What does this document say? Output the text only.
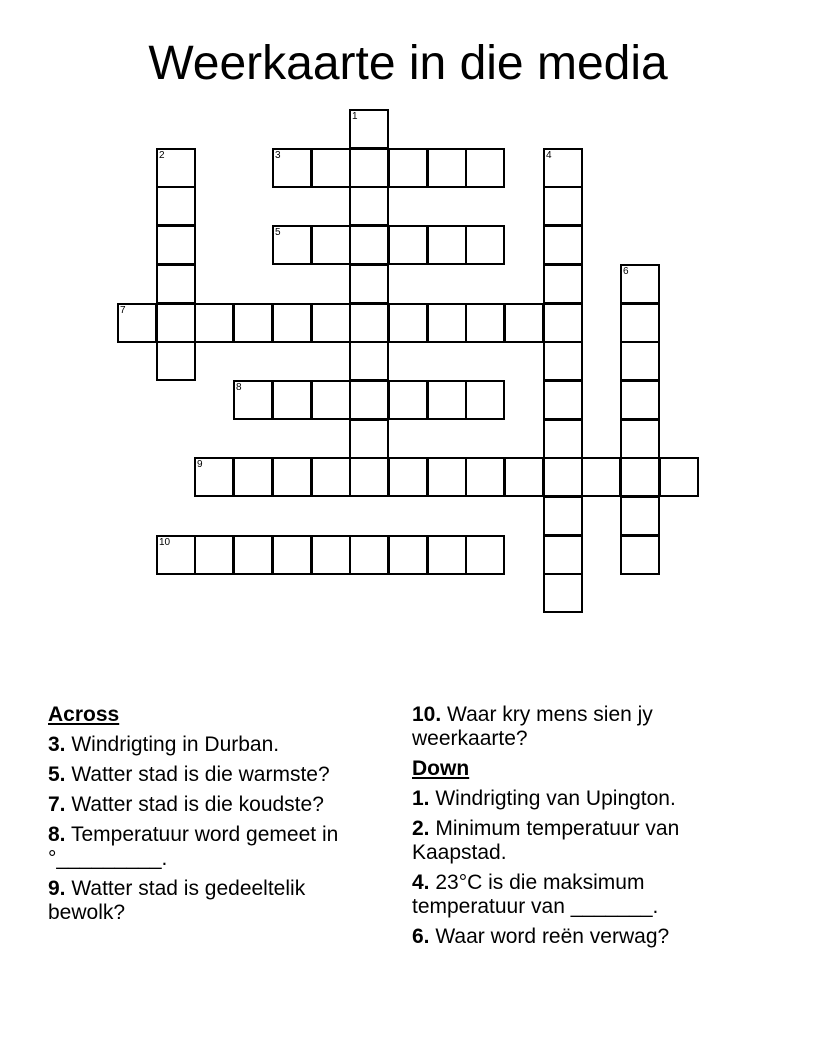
Weerkaarte in die media
3
5
7
8
9
10
1
2	4
6
Across
3. Windrigting in Durban.
5. Watter stad is die warmste?
7. Watter stad is die koudste?
8. Temperatuur word gemeet in °_________.
9. Watter stad is gedeeltelik bewolk?
10. Waar kry mens sien jy weerkaarte?
Down
1. Windrigting van Upington.
2. Minimum temperatuur van Kaapstad.
4. 23°C is die maksimum temperatuur van _______.
6. Waar word reën verwag?
